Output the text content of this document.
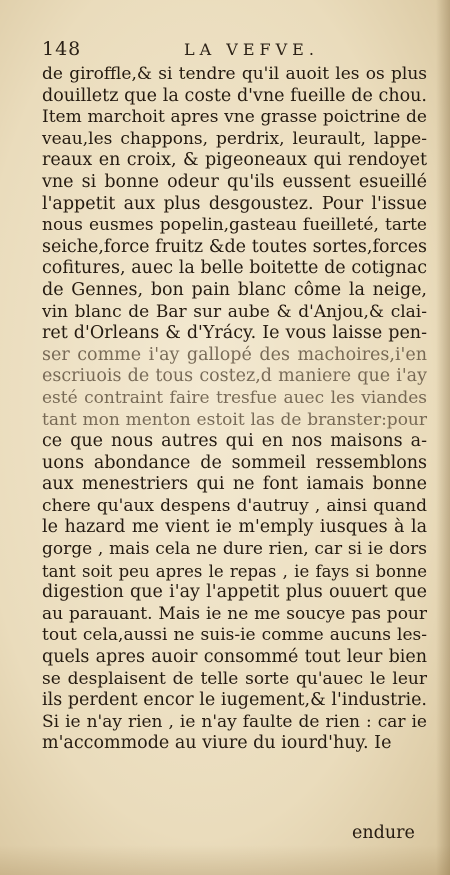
148	LA VEFVE.
de giroffle,& si tendre qu'il auoit les os plus
douilletz que la coste d'vne fueille de chou.
Item marchoit apres vne grasse poictrine de
veau,les chappons, perdrix, leurault, lappe-
reaux en croix, & pigeoneaux qui rendoyet
vne si bonne odeur qu'ils eussent esueillé
l'appetit aux plus desgoustez. Pour l'issue
nous eusmes popelin,gasteau fueilleté, tarte
seiche,force fruitz &de toutes sortes,forces
cofitures, auec la belle boitette de cotignac
de Gennes, bon pain blanc côme la neige,
vin blanc de Bar sur aube & d'Anjou,& clai-
ret d'Orleans & d'Yrácy. Ie vous laisse pen-
ser comme i'ay gallopé des machoires,i'en
escriuois de tous costez,d maniere que i'ay
esté contraint faire tresfue auec les viandes
tant mon menton estoit las de branster:pour
ce que nous autres qui en nos maisons a-
uons abondance de sommeil ressemblons
aux menestriers qui ne font iamais bonne
chere qu'aux despens d'autruy , ainsi quand
le hazard me vient ie m'emply iusques à la
gorge , mais cela ne dure rien, car si ie dors
tant soit peu apres le repas , ie fays si bonne
digestion que i'ay l'appetit plus ouuert que
au parauant. Mais ie ne me soucye pas pour
tout cela,aussi ne suis-ie comme aucuns les-
quels apres auoir consommé tout leur bien
se desplaisent de telle sorte qu'auec le leur
ils perdent encor le iugement,& l'industrie.
Si ie n'ay rien , ie n'ay faulte de rien : car ie
m'accommode au viure du iourd'huy. Ie
endure
